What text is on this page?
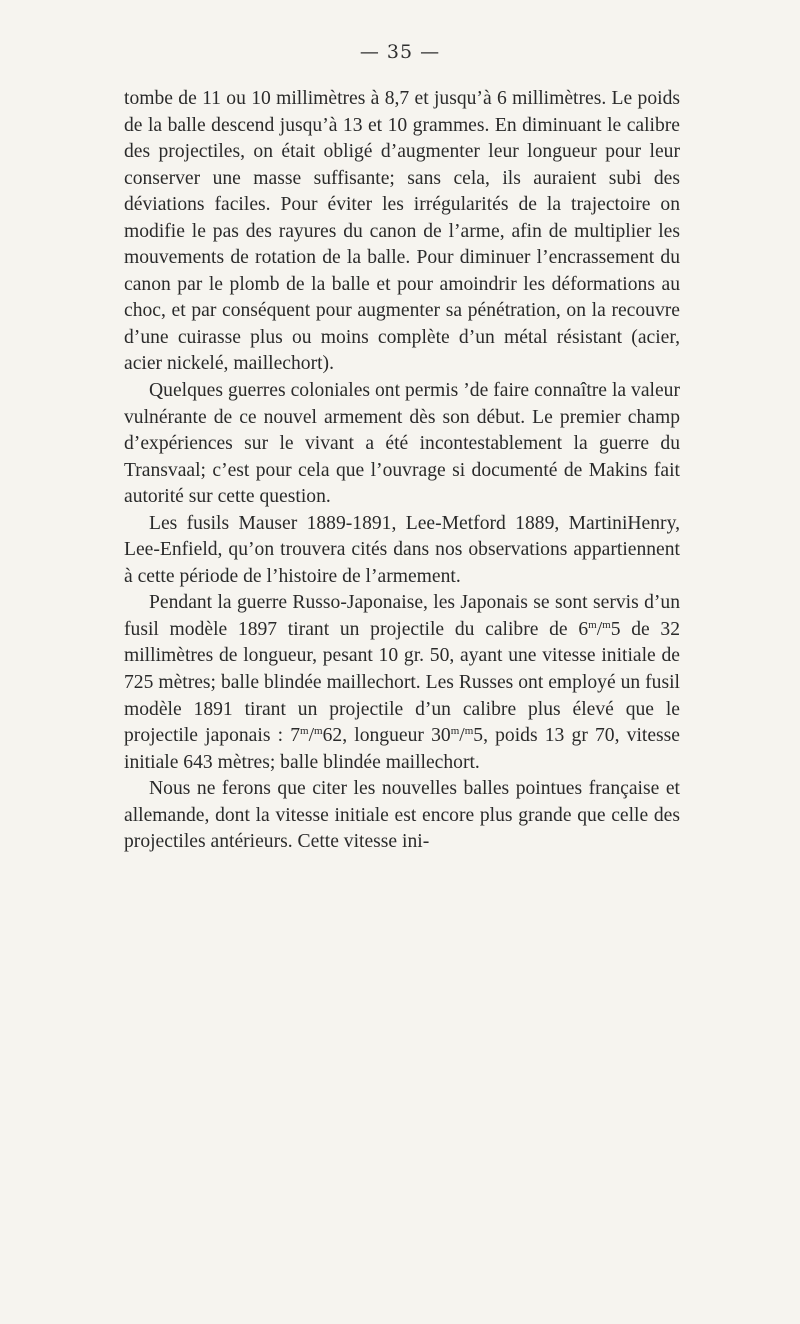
— 35 —

tombe de 11 ou 10 millimètres à 8,7 et jusqu’à 6 millimètres. Le poids de la balle descend jusqu’à 13 et 10 grammes. En diminuant le calibre des projectiles, on était obligé d’augmenter leur longueur pour leur conserver une masse suffisante; sans cela, ils auraient subi des déviations faciles. Pour éviter les irrégularités de la trajectoire on modifie le pas des rayures du canon de l’arme, afin de multiplier les mouvements de rotation de la balle. Pour diminuer l’encrassement du canon par le plomb de la balle et pour amoindrir les déformations au choc, et par conséquent pour augmenter sa pénétration, on la recouvre d’une cuirasse plus ou moins complète d’un métal résistant (acier, acier nickelé, maillechort).

Quelques guerres coloniales ont permis ’de faire connaître la valeur vulnérante de ce nouvel armement dès son début. Le premier champ d’expériences sur le vivant a été incontestablement la guerre du Transvaal; c’est pour cela que l’ouvrage si documenté de Makins fait autorité sur cette question.

Les fusils Mauser 1889-1891, Lee-Metford 1889, MartiniHenry, Lee-Enfield, qu’on trouvera cités dans nos observations appartiennent à cette période de l’histoire de l’armement.

Pendant la guerre Russo-Japonaise, les Japonais se sont servis d’un fusil modèle 1897 tirant un projectile du calibre de 6$^m$/$^m$5 de 32 millimètres de longueur, pesant 10 gr. 50, ayant une vitesse initiale de 725 mètres; balle blindée maillechort. Les Russes ont employé un fusil modèle 1891 tirant un projectile d’un calibre plus élevé que le projectile japonais : 7$^m$/$^m$62, longueur 30$^m$/$^m$5, poids 13 gr 70, vitesse initiale 643 mètres; balle blindée maillechort.

Nous ne ferons que citer les nouvelles balles pointues française et allemande, dont la vitesse initiale est encore plus grande que celle des projectiles antérieurs. Cette vitesse ini-
